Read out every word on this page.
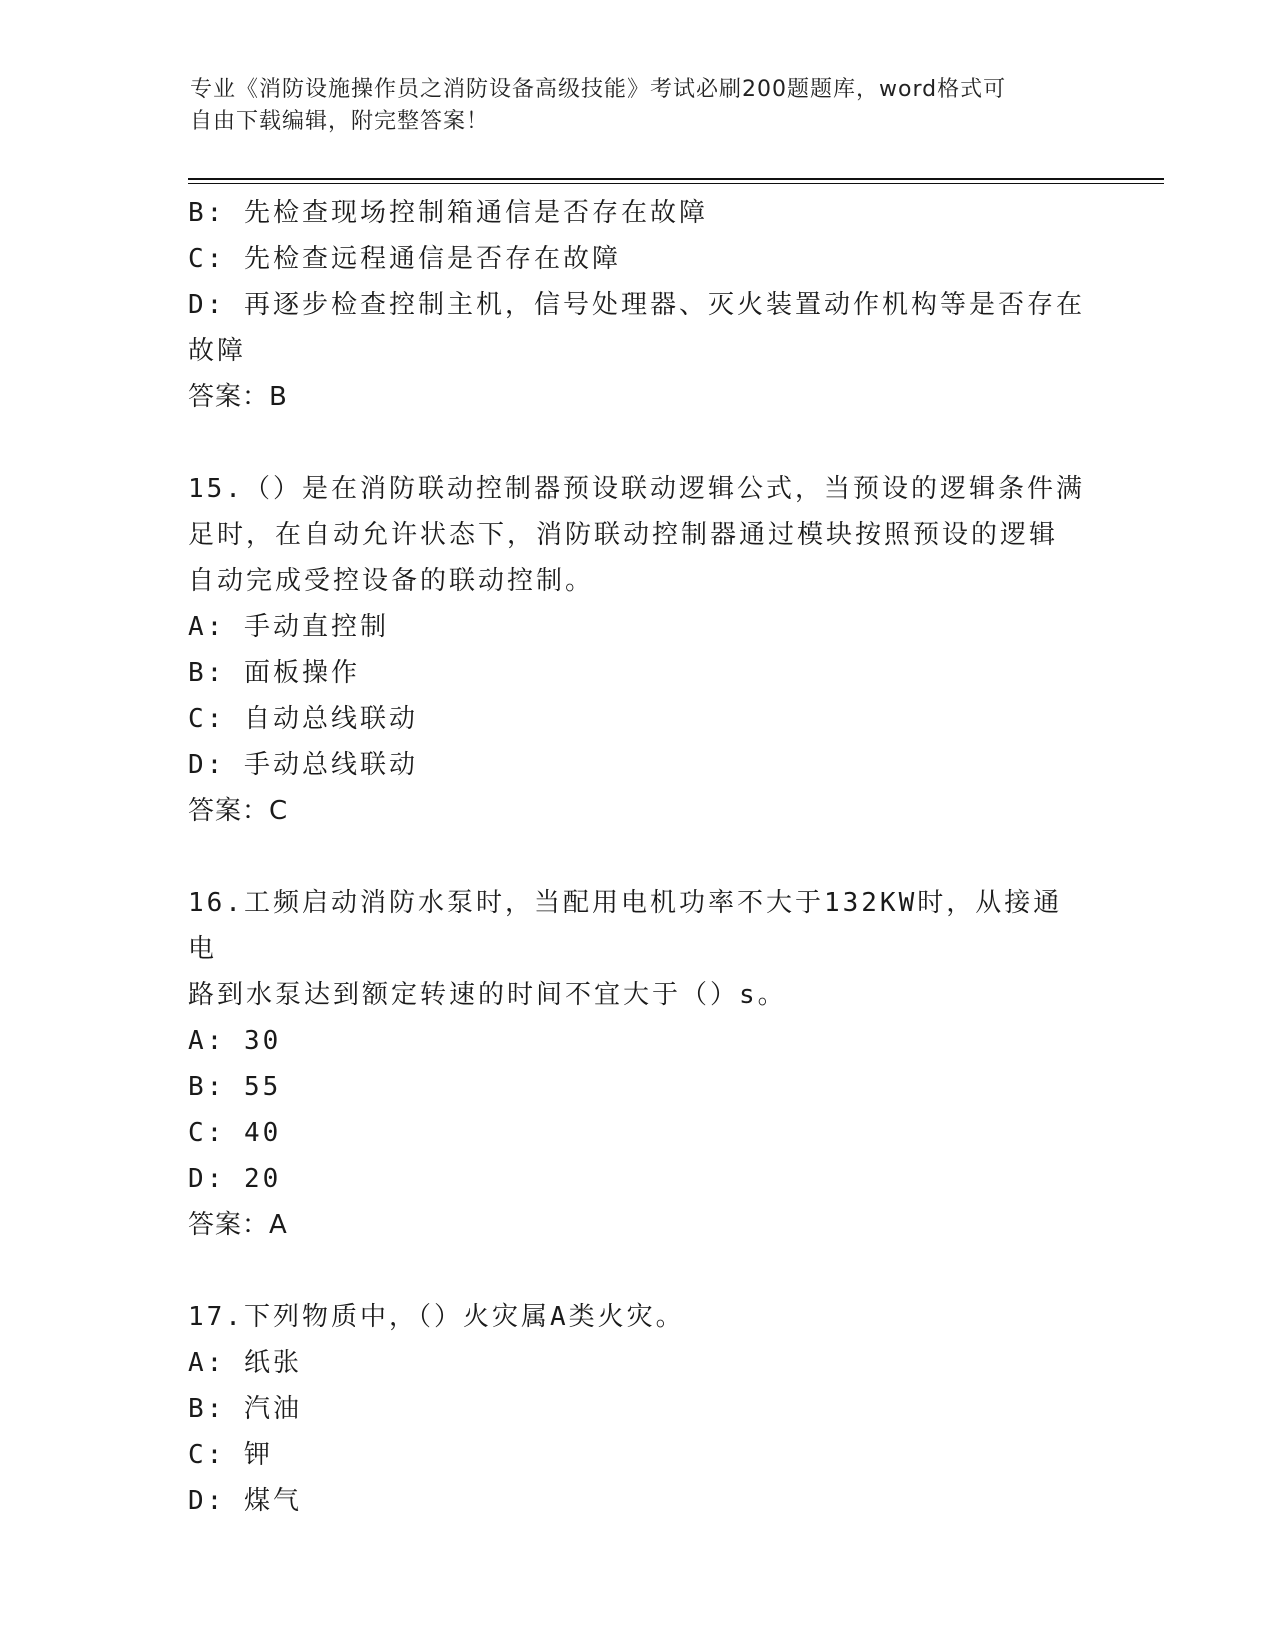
专业《消防设施操作员之消防设备高级技能》考试必刷200题题库，word格式可
自由下载编辑，附完整答案！
B: 先检查现场控制箱通信是否存在故障
C: 先检查远程通信是否存在故障
D: 再逐步检查控制主机，信号处理器、灭火装置动作机构等是否存在
故障
答案：B
15.（）是在消防联动控制器预设联动逻辑公式，当预设的逻辑条件满
足时，在自动允许状态下，消防联动控制器通过模块按照预设的逻辑
自动完成受控设备的联动控制。
A: 手动直控制
B: 面板操作
C: 自动总线联动
D: 手动总线联动
答案：C
16.工频启动消防水泵时，当配用电机功率不大于132KW时，从接通电
路到水泵达到额定转速的时间不宜大于（）s。
A: 30
B: 55
C: 40
D: 20
答案：A
17.下列物质中，（）火灾属A类火灾。
A: 纸张
B: 汽油
C: 钾
D: 煤气
